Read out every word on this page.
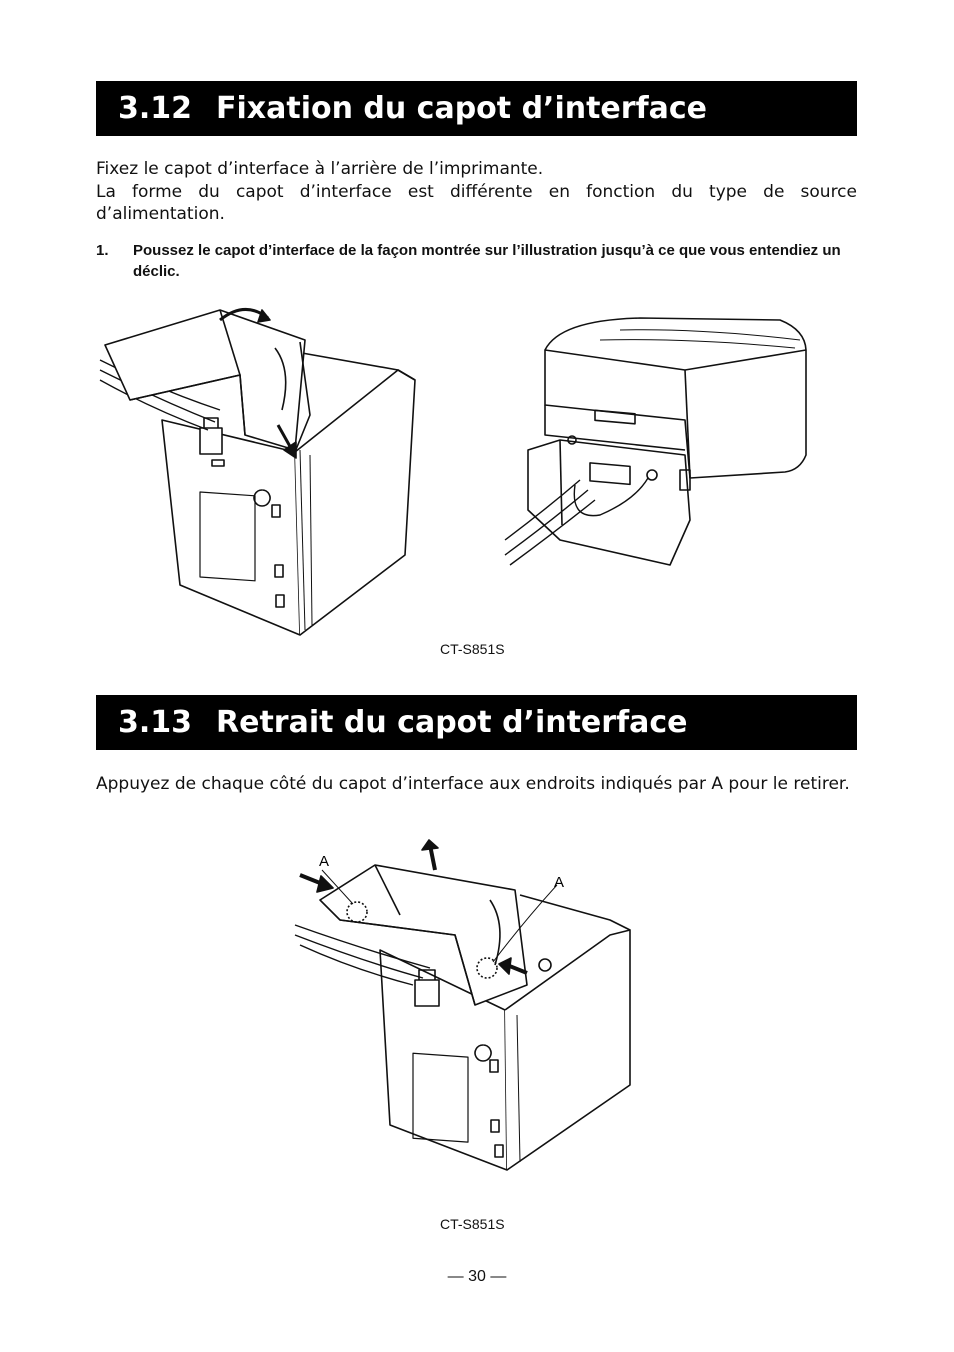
3.12 Fixation du capot d’interface

Fixez le capot d’interface à l’arrière de l’imprimante.

La forme du capot d’interface est différente en fonction du type de source d’alimentation.

1. Poussez le capot d’interface de la façon montrée sur l’illustration jusqu’à ce que vous entendiez un déclic.
CT-S851S
3.13 Retrait du capot d’interface
Appuyez de chaque côté du capot d’interface aux endroits indiqués par A pour le retirer.
A
A
CT-S851S
— 30 —
